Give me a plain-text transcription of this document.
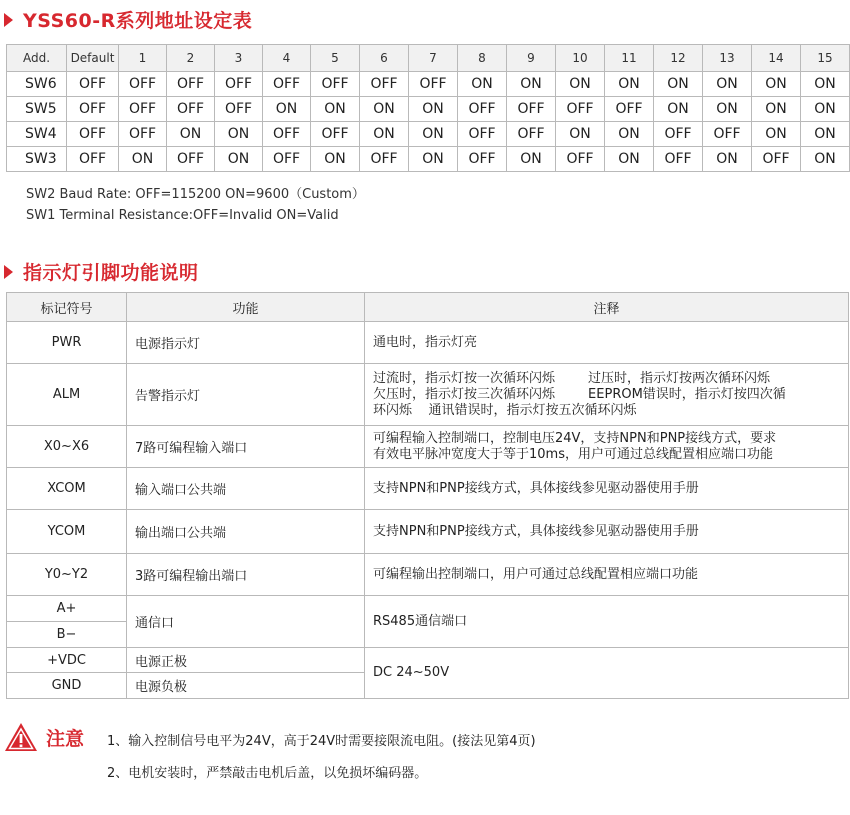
YSS60-R系列地址设定表
Add.	Default	1	2	3	4	5	6	7	8	9	10	11	12	13	14	15
SW6	OFF	OFF	OFF	OFF	OFF	OFF	OFF	OFF	ON	ON	ON	ON	ON	ON	ON	ON
SW5	OFF	OFF	OFF	OFF	ON	ON	ON	ON	OFF	OFF	OFF	OFF	ON	ON	ON	ON
SW4	OFF	OFF	ON	ON	OFF	OFF	ON	ON	OFF	OFF	ON	ON	OFF	OFF	ON	ON
SW3	OFF	ON	OFF	ON	OFF	ON	OFF	ON	OFF	ON	OFF	ON	OFF	ON	OFF	ON
SW2 Baud Rate: OFF=115200 ON=9600（Custom）
SW1 Terminal Resistance:OFF=Invalid ON=Valid
指示灯引脚功能说明
标记符号	功能	注释
PWR	电源指示灯	通电时，指示灯亮

ALM	告警指示灯	过流时，指示灯按一次循环闪烁        过压时，指示灯按两次循环闪烁
欠压时，指示灯按三次循环闪烁        EEPROM错误时，指示灯按四次循
环闪烁    通讯错误时，指示灯按五次循环闪烁

X0~X6	7路可编程输入端口	可编程输入控制端口，控制电压24V，支持NPN和PNP接线方式，要求
有效电平脉冲宽度大于等于10ms，用户可通过总线配置相应端口功能

XCOM	输入端口公共端	支持NPN和PNP接线方式，具体接线参见驱动器使用手册

YCOM	输出端口公共端	支持NPN和PNP接线方式，具体接线参见驱动器使用手册

Y0~Y2	3路可编程输出端口	可编程输出控制端口，用户可通过总线配置相应端口功能

A+	通信口	RS485通信端口
B−		
+VDC	电源正极	DC 24~50V
GND	电源负极	
注意 1、输入控制信号电平为24V，高于24V时需要接限流电阻。(接法见第4页)
2、电机安装时，严禁敲击电机后盖，以免损坏编码器。
